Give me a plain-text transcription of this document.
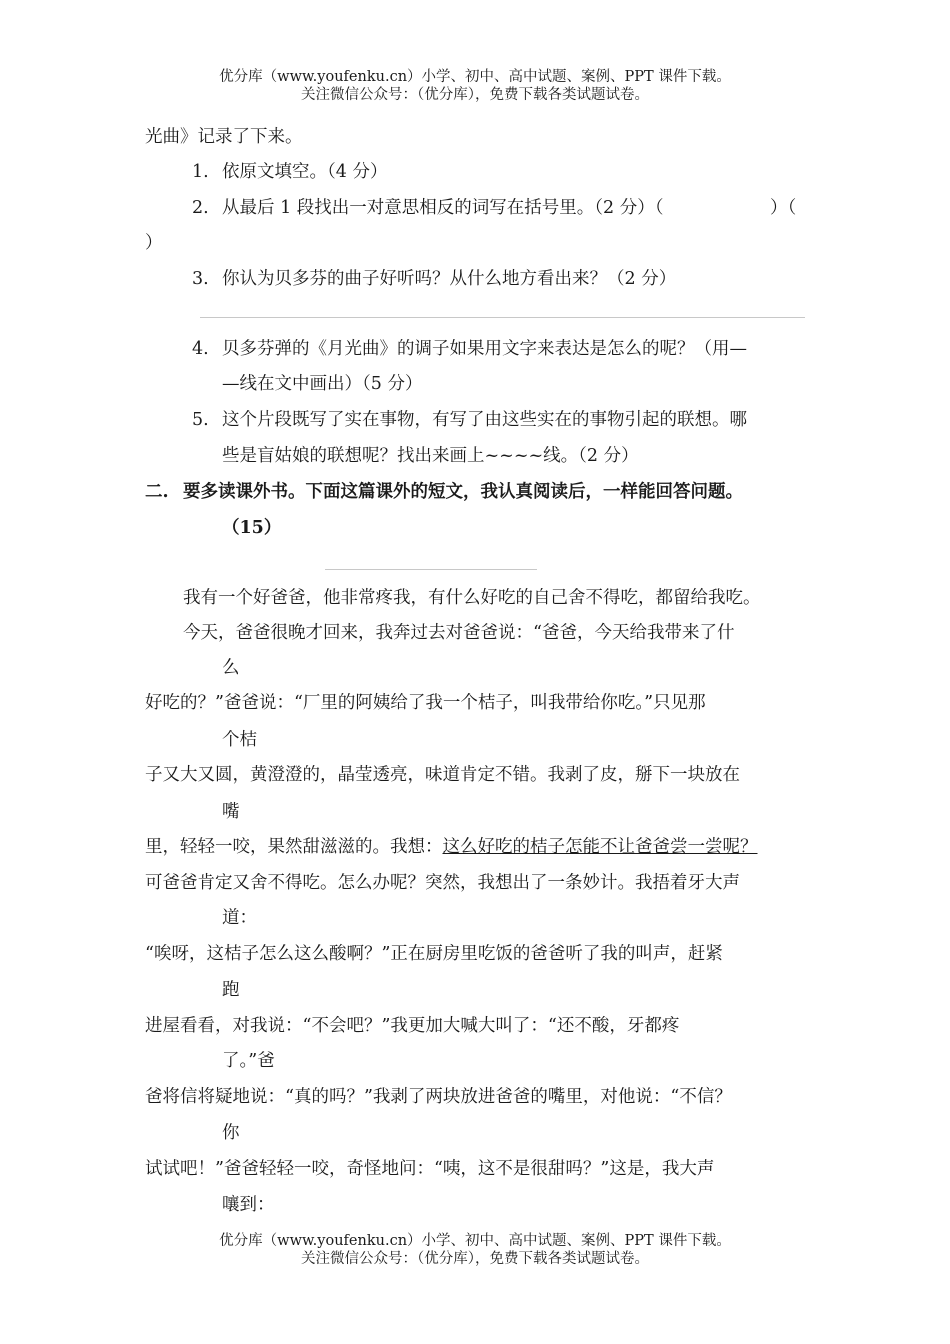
优分库（www.youfenku.cn）小学、初中、高中试题、案例、PPT 课件下载。
关注微信公众号：（优分库），免费下载各类试题试卷。
光曲》记录了下来。
1. 依原文填空。（4 分）
2. 从最后 1 段找出一对意思相反的词写在括号里。（2 分）（	）（
）
3. 你认为贝多芬的曲子好听吗？从什么地方看出来？（2 分）
4. 贝多芬弹的《月光曲》的调子如果用文字来表达是怎么的呢？（用—
—线在文中画出）（5 分）
5. 这个片段既写了实在事物，有写了由这些实在的事物引起的联想。哪
些是盲姑娘的联想呢？找出来画上~~~~线。（2 分）
二. 要多读课外书。下面这篇课外的短文，我认真阅读后，一样能回答问题。
（15）
我有一个好爸爸，他非常疼我，有什么好吃的自己舍不得吃，都留给我吃。
今天，爸爸很晚才回来，我奔过去对爸爸说：“爸爸，今天给我带来了什
么
好吃的？”爸爸说：“厂里的阿姨给了我一个桔子，叫我带给你吃。”只见那
个桔
子又大又圆，黄澄澄的，晶莹透亮，味道肯定不错。我剥了皮，掰下一块放在
嘴
里，轻轻一咬，果然甜滋滋的。我想：这么好吃的桔子怎能不让爸爸尝一尝呢？
可爸爸肯定又舍不得吃。怎么办呢？突然，我想出了一条妙计。我捂着牙大声
道：
“唉呀，这桔子怎么这么酸啊？”正在厨房里吃饭的爸爸听了我的叫声，赶紧
跑
进屋看看，对我说：“不会吧？”我更加大喊大叫了：“还不酸，牙都疼
了。”爸
爸将信将疑地说：“真的吗？”我剥了两块放进爸爸的嘴里，对他说：“不信？
你
试试吧！”爸爸轻轻一咬，奇怪地问：“咦，这不是很甜吗？”这是，我大声
嚷到：
优分库（www.youfenku.cn）小学、初中、高中试题、案例、PPT 课件下载。
关注微信公众号：（优分库），免费下载各类试题试卷。
